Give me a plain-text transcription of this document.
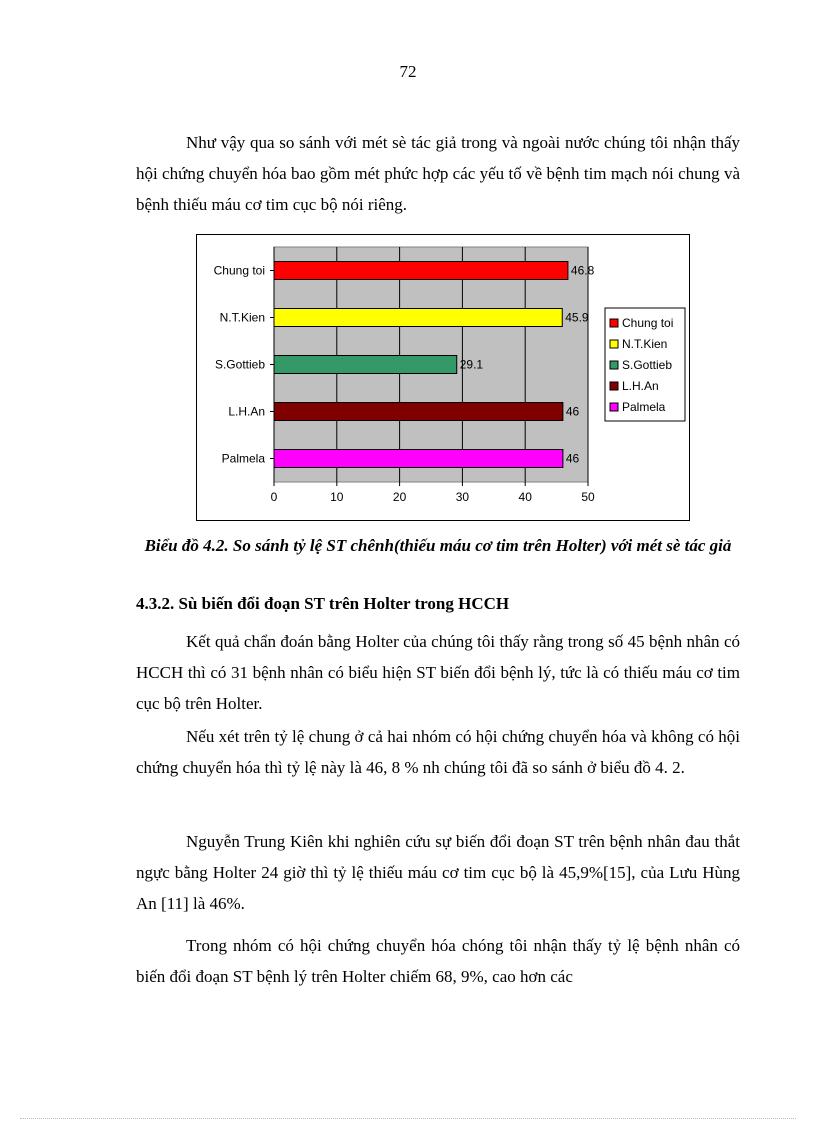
72

Như vậy qua so sánh với mét sè tác giả trong và ngoài nước chúng tôi nhận thấy hội chứng chuyển hóa bao gồm mét phức hợp các yếu tố về bệnh tim mạch nói chung và bệnh thiếu máu cơ tim cục bộ nói riêng.

0	10	20	30	40	50
Chung toi	46.8
N.T.Kien	45.9
S.Gottieb	29.1
L.H.An	46
Palmela	46
Chung toi
N.T.Kien
S.Gottieb
L.H.An
Palmela

Biểu đồ 4.2. So sánh tỷ lệ ST chênh(thiếu máu cơ tim trên Holter) với mét sè tác giả

4.3.2. Sù biến đổi đoạn ST trên Holter trong HCCH

Kết quả chẩn đoán bằng Holter của chúng tôi thấy rằng trong số 45 bệnh nhân có HCCH thì có 31 bệnh nhân có biểu hiện ST biến đổi bệnh lý, tức là có thiếu máu cơ tim cục bộ trên Holter.

Nếu xét trên tỷ lệ chung ở cả hai nhóm có hội chứng chuyển hóa và không có hội chứng chuyển hóa thì tỷ lệ này là 46, 8 % nh chúng tôi đã so sánh ở biểu đồ 4. 2.

Nguyễn Trung Kiên khi nghiên cứu sự biến đổi đoạn ST trên bệnh nhân đau thắt ngực bằng Holter 24 giờ thì tỷ lệ thiếu máu cơ tim cục bộ là 45,9%[15], của Lưu Hùng An [11] là 46%.

Trong nhóm có hội chứng chuyển hóa chóng tôi nhận thấy tỷ lệ bệnh nhân có biến đổi đoạn ST bệnh lý trên Holter chiếm 68, 9%, cao hơn các
